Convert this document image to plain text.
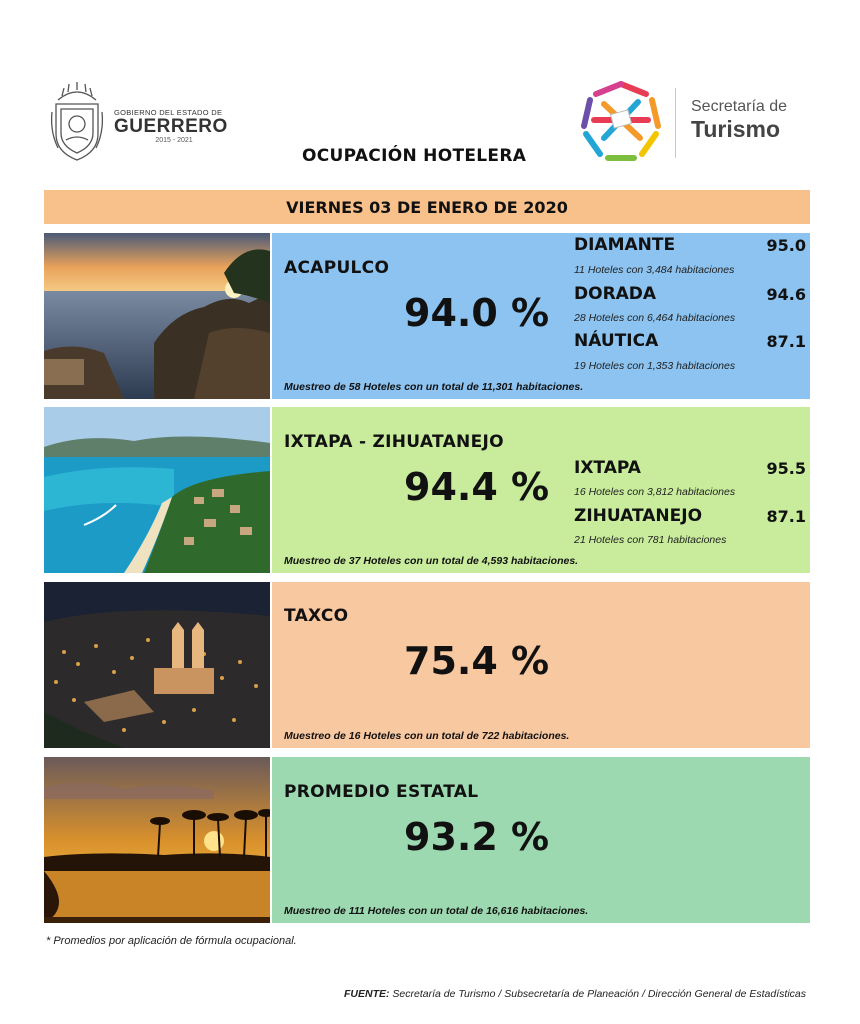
GOBIERNO DEL ESTADO DE
GUERRERO
2015 - 2021
OCUPACIÓN HOTELERA
Secretaría de
Turismo
VIERNES 03 DE ENERO DE 2020
ACAPULCO
94.0 %
DIAMANTE	95.0
11 Hoteles con 3,484 habitaciones
DORADA	94.6
28 Hoteles con 6,464 habitaciones
NÁUTICA	87.1
19 Hoteles con 1,353 habitaciones
Muestreo de 58 Hoteles con un total de 11,301 habitaciones.
IXTAPA - ZIHUATANEJO
94.4 % IXTAPA	95.5
16 Hoteles con 3,812 habitaciones
ZIHUATANEJO	87.1
21 Hoteles con 781 habitaciones
Muestreo de 37 Hoteles con un total de 4,593 habitaciones.
TAXCO
75.4 %
Muestreo de 16 Hoteles con un total de 722 habitaciones.
PROMEDIO ESTATAL
93.2 %
Muestreo de 111 Hoteles con un total de 16,616 habitaciones.
* Promedios por aplicación de fórmula ocupacional.
FUENTE: Secretaría de Turismo / Subsecretaría de Planeación / Dirección General de Estadísticas
